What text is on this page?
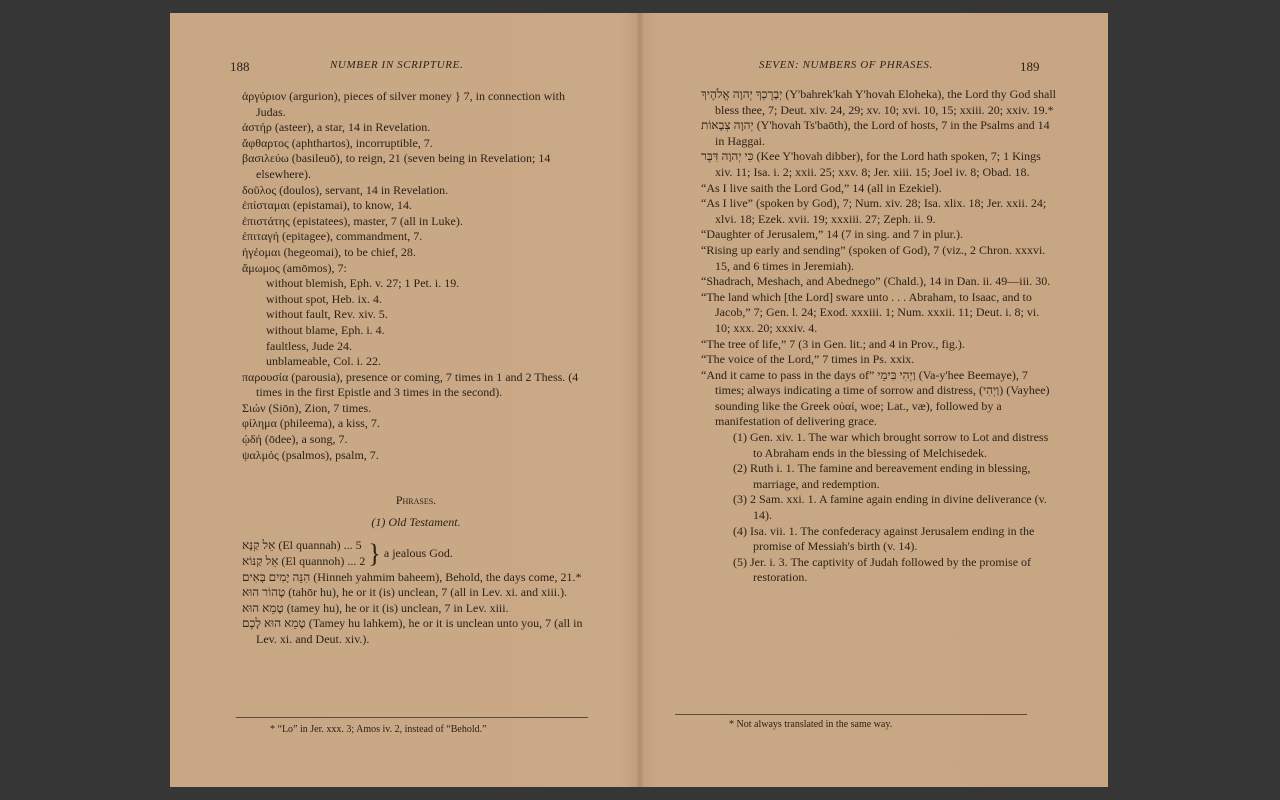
188	NUMBER IN SCRIPTURE.
ἀργύριον (argurion), pieces of silver money } 7, in connection with Judas.
ἀστήρ (asteer), a star, 14 in Revelation.
ἄφθαρτος (aphthartos), incorruptible, 7.
βασιλεύω (basileuō), to reign, 21 (seven being in Revelation; 14 elsewhere).
δοῦλος (doulos), servant, 14 in Revelation.
ἐπίσταμαι (epistamai), to know, 14.
ἐπιστάτης (epistatees), master, 7 (all in Luke).
ἐπιταγή (epitagee), commandment, 7.
ἡγέομαι (hegeomai), to be chief, 28.
ἄμωμος (amōmos), 7:
without blemish, Eph. v. 27; 1 Pet. i. 19.
without spot, Heb. ix. 4.
without fault, Rev. xiv. 5.
without blame, Eph. i. 4.
faultless, Jude 24.
unblameable, Col. i. 22.
παρουσία (parousia), presence or coming, 7 times in 1 and 2 Thess. (4 times in the first Epistle and 3 times in the second).
Σιών (Siōn), Zion, 7 times.
φίλημα (phileema), a kiss, 7.
ᾠδή (ōdee), a song, 7.
ψαλμός (psalmos), psalm, 7.
Phrases.
(1) Old Testament.
אֵל קַנָּא (El quannah) ... 5
אֵל קַנּוֹא (El quannoh) ... 2 } a jealous God.
הִנֵּה יָמִים בָּאִים (Hinneh yahmim baheem), Behold, the days come, 21.*
טָהוֹר הוּא (tahōr hu), he or it (is) unclean, 7 (all in Lev. xi. and xiii.).
טָמֵא הוּא (tamey hu), he or it (is) unclean, 7 in Lev. xiii.
טָמֵא הוּא לָכֶם (Tamey hu lahkem), he or it is unclean unto you, 7 (all in Lev. xi. and Deut. xiv.).
* “Lo” in Jer. xxx. 3; Amos iv. 2, instead of “Behold.”
SEVEN: NUMBERS OF PHRASES.	189
יְבָרֶכְךָ יְהוָה אֱלֹהֶיךָ (Y'bahrek'kah Y'hovah Eloheka), the Lord thy God shall bless thee, 7; Deut. xiv. 24, 29; xv. 10; xvi. 10, 15; xxiii. 20; xxiv. 19.*
יְהוָה צְבָאוֹת (Y'hovah Ts'baōth), the Lord of hosts, 7 in the Psalms and 14 in Haggai.
כִּי יְהוָה דִּבֶּר (Kee Y'hovah dibber), for the Lord hath spoken, 7; 1 Kings xiv. 11; Isa. i. 2; xxii. 25; xxv. 8; Jer. xiii. 15; Joel iv. 8; Obad. 18.
“As I live saith the Lord God,” 14 (all in Ezekiel).
“As I live” (spoken by God), 7; Num. xiv. 28; Isa. xlix. 18; Jer. xxii. 24; xlvi. 18; Ezek. xvii. 19; xxxiii. 27; Zeph. ii. 9.
“Daughter of Jerusalem,” 14 (7 in sing. and 7 in plur.).
“Rising up early and sending” (spoken of God), 7 (viz., 2 Chron. xxxvi. 15, and 6 times in Jeremiah).
“Shadrach, Meshach, and Abednego” (Chald.), 14 in Dan. ii. 49—iii. 30.
“The land which [the Lord] sware unto . . . Abraham, to Isaac, and to Jacob,” 7; Gen. l. 24; Exod. xxxiii. 1; Num. xxxii. 11; Deut. i. 8; vi. 10; xxx. 20; xxxiv. 4.
“The tree of life,” 7 (3 in Gen. lit.; and 4 in Prov., fig.).
“The voice of the Lord,” 7 times in Ps. xxix.
“And it came to pass in the days of” וַיְהִי בִּימֵי (Va-y'hee Beemaye), 7 times; always indicating a time of sorrow and distress, (וַיְהִי) (Vayhee) sounding like the Greek οὐαί, woe; Lat., væ), followed by a manifestation of delivering grace.
(1) Gen. xiv. 1. The war which brought sorrow to Lot and distress to Abraham ends in the blessing of Melchisedek.
(2) Ruth i. 1. The famine and bereavement ending in blessing, marriage, and redemption.
(3) 2 Sam. xxi. 1. A famine again ending in divine deliverance (v. 14).
(4) Isa. vii. 1. The confederacy against Jerusalem ending in the promise of Messiah's birth (v. 14).
(5) Jer. i. 3. The captivity of Judah followed by the promise of restoration.
* Not always translated in the same way.
